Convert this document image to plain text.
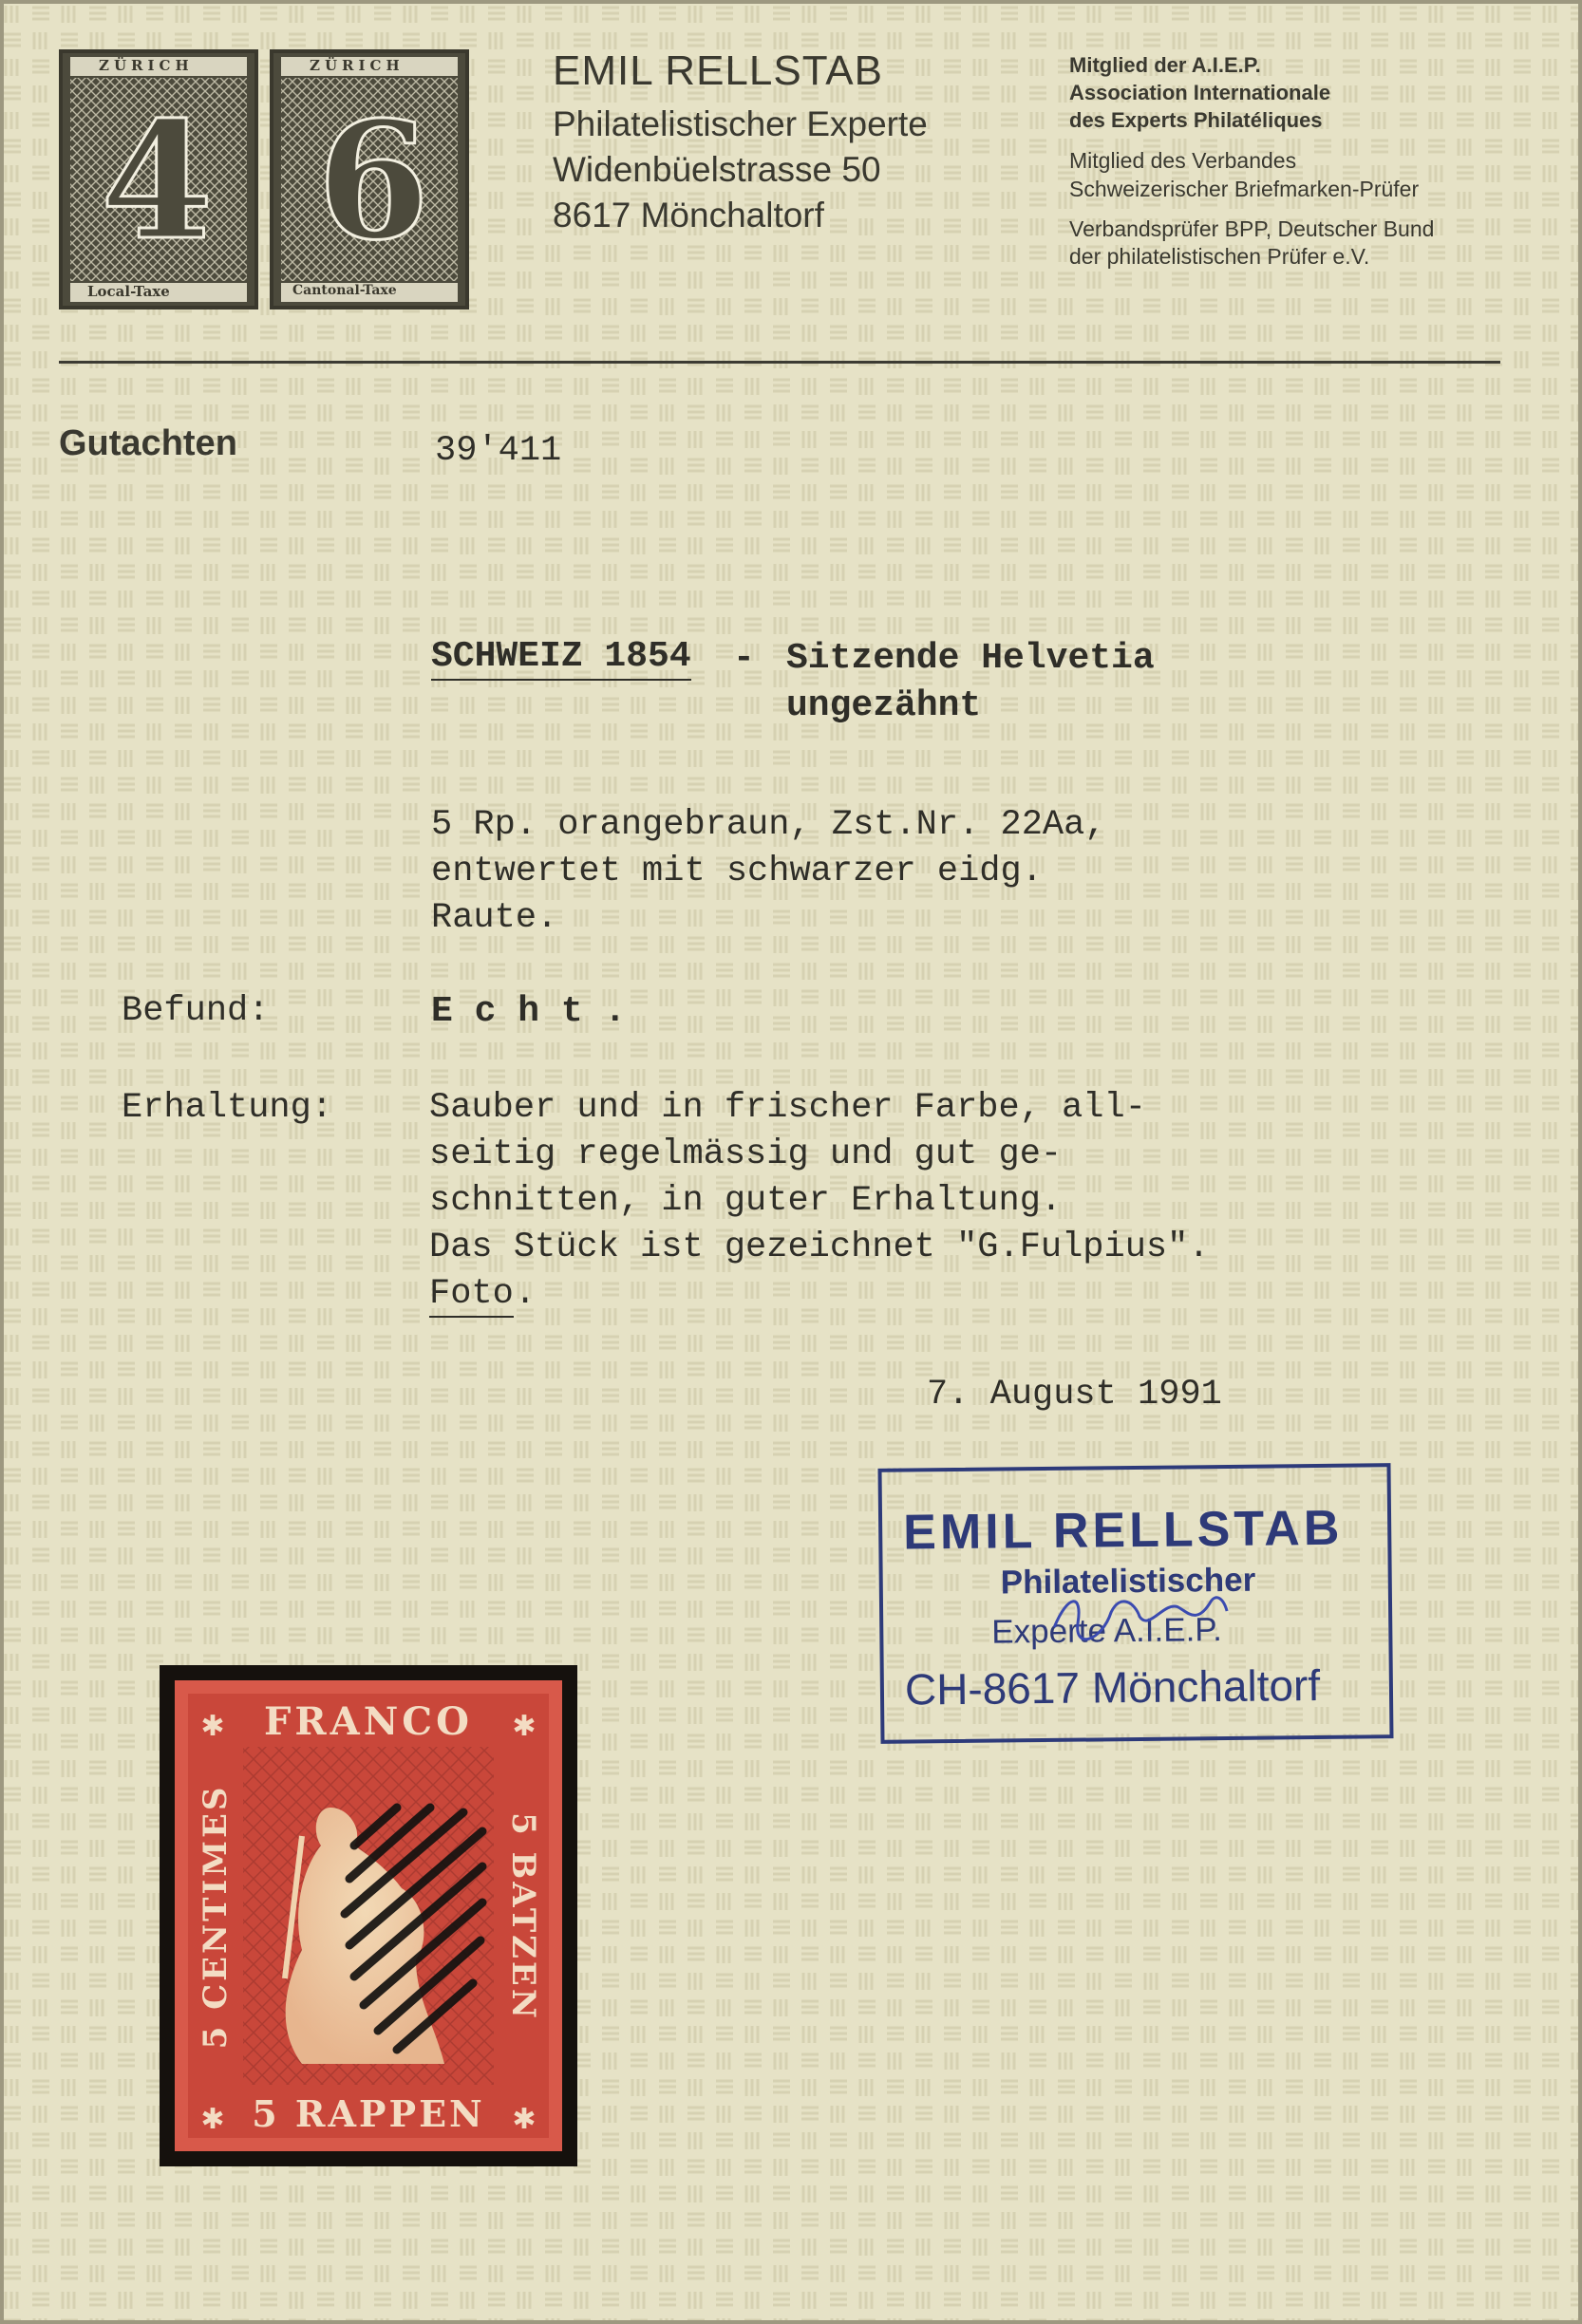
ZÜRICH
4
Local-Taxe
ZÜRICH
6
Cantonal-Taxe
EMIL RELLSTAB
Philatelistischer Experte
Widenbüelstrasse 50
8617 Mönchaltorf
Mitglied der A.I.E.P.
Association Internationale
des Experts Philatéliques
Mitglied des Verbandes
Schweizerischer Briefmarken-Prüfer
Verbandsprüfer BPP, Deutscher Bund
der philatelistischen Prüfer e.V.
Gutachten	39'411
SCHWEIZ 1854 - Sitzende Helvetia
ungezähnt
5 Rp. orangebraun, Zst.Nr. 22Aa,
entwertet mit schwarzer eidg.
Raute.
Befund:	E c h t .
Erhaltung:	Sauber und in frischer Farbe, all-
seitig regelmässig und gut ge-
schnitten, in guter Erhaltung.
Das Stück ist gezeichnet "G.Fulpius".
Foto .
7. August 1991
EMIL RELLSTAB
Philatelistischer
Experte A.I.E.P.
CH-8617 Mönchaltorf
FRANCO
5 RAPPEN
5 CENTIMES	5 BATZEN
✱	✱
✱	✱
